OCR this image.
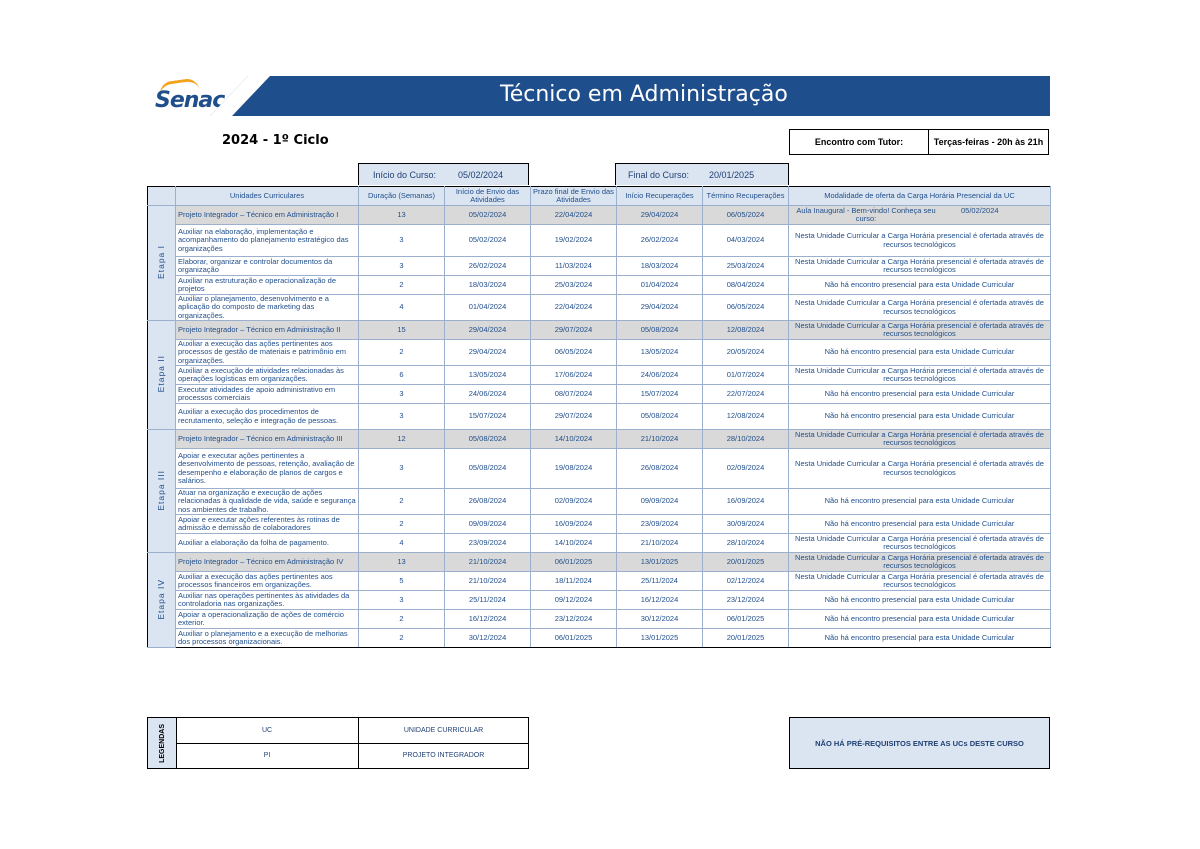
Senac	Técnico em Administração
2024 - 1º Ciclo	Encontro com Tutor:	Terças-feiras - 20h às 21h
Início do Curso: 05/02/2024	Final do Curso: 20/01/2025
	Unidades Curriculares	Duração (Semanas)	Início de Envio das Atividades	Prazo final de Envio das Atividades	Início Recuperações	Término Recuperações	Modalidade de oferta da Carga Horária Presencial da UC
Etapa I	Projeto Integrador – Técnico em Administração I	13	05/02/2024	22/04/2024	29/04/2024	06/05/2024	Aula Inaugural - Bem-vindo! Conheça seu curso:05/02/2024
	Auxiliar na elaboração, implementação e acompanhamento do planejamento estratégico das organizações	3	05/02/2024	19/02/2024	26/02/2024	04/03/2024	Nesta Unidade Curricular a Carga Horária presencial é ofertada através de recursos tecnológicos
	Elaborar, organizar e controlar documentos da organização	3	26/02/2024	11/03/2024	18/03/2024	25/03/2024	Nesta Unidade Curricular a Carga Horária presencial é ofertada através de recursos tecnológicos
	Auxiliar na estruturação e operacionalização de projetos	2	18/03/2024	25/03/2024	01/04/2024	08/04/2024	Não há encontro presencial para esta Unidade Curricular
	Auxiliar o planejamento, desenvolvimento e a aplicação do composto de marketing das organizações.	4	01/04/2024	22/04/2024	29/04/2024	06/05/2024	Nesta Unidade Curricular a Carga Horária presencial é ofertada através de recursos tecnológicos
Etapa II	Projeto Integrador – Técnico em Administração II	15	29/04/2024	29/07/2024	05/08/2024	12/08/2024	Nesta Unidade Curricular a Carga Horária presencial é ofertada através de recursos tecnológicos
	Auxiliar a execução das ações pertinentes aos processos de gestão de materiais e patrimônio em organizações.	2	29/04/2024	06/05/2024	13/05/2024	20/05/2024	Não há encontro presencial para esta Unidade Curricular
	Auxiliar a execução de atividades relacionadas às operações logísticas em organizações.	6	13/05/2024	17/06/2024	24/06/2024	01/07/2024	Nesta Unidade Curricular a Carga Horária presencial é ofertada através de recursos tecnológicos
	Executar atividades de apoio administrativo em processos comerciais	3	24/06/2024	08/07/2024	15/07/2024	22/07/2024	Não há encontro presencial para esta Unidade Curricular
	Auxiliar a execução dos procedimentos de recrutamento, seleção e integração de pessoas.	3	15/07/2024	29/07/2024	05/08/2024	12/08/2024	Não há encontro presencial para esta Unidade Curricular
Etapa III	Projeto Integrador – Técnico em Administração III	12	05/08/2024	14/10/2024	21/10/2024	28/10/2024	Nesta Unidade Curricular a Carga Horária presencial é ofertada através de recursos tecnológicos
	Apoiar e executar ações pertinentes a desenvolvimento de pessoas, retenção, avaliação de desempenho e elaboração de planos de cargos e salários.	3	05/08/2024	19/08/2024	26/08/2024	02/09/2024	Nesta Unidade Curricular a Carga Horária presencial é ofertada através de recursos tecnológicos
	Atuar na organização e execução de ações relacionadas à qualidade de vida, saúde e segurança nos ambientes de trabalho.	2	26/08/2024	02/09/2024	09/09/2024	16/09/2024	Não há encontro presencial para esta Unidade Curricular
	Apoiar e executar ações referentes às rotinas de admissão e demissão de colaboradores	2	09/09/2024	16/09/2024	23/09/2024	30/09/2024	Não há encontro presencial para esta Unidade Curricular
	Auxiliar a elaboração da folha de pagamento.	4	23/09/2024	14/10/2024	21/10/2024	28/10/2024	Nesta Unidade Curricular a Carga Horária presencial é ofertada através de recursos tecnológicos
Etapa IV	Projeto Integrador – Técnico em Administração IV	13	21/10/2024	06/01/2025	13/01/2025	20/01/2025	Nesta Unidade Curricular a Carga Horária presencial é ofertada através de recursos tecnológicos
	Auxiliar a execução das ações pertinentes aos processos financeiros em organizações.	5	21/10/2024	18/11/2024	25/11/2024	02/12/2024	Nesta Unidade Curricular a Carga Horária presencial é ofertada através de recursos tecnológicos
	Auxiliar nas operações pertinentes às atividades da controladoria nas organizações.	3	25/11/2024	09/12/2024	16/12/2024	23/12/2024	Não há encontro presencial para esta Unidade Curricular
	Apoiar a operacionalização de ações de comércio exterior.	2	16/12/2024	23/12/2024	30/12/2024	06/01/2025	Não há encontro presencial para esta Unidade Curricular
	Auxiliar o planejamento e a execução de melhorias dos processos organizacionais.	2	30/12/2024	06/01/2025	13/01/2025	20/01/2025	Não há encontro presencial para esta Unidade Curricular
LEGENDAS	UC	UNIDADE CURRICULAR
PI	PROJETO INTEGRADOR
NÃO HÁ PRÉ-REQUISITOS ENTRE AS UCs DESTE CURSO
